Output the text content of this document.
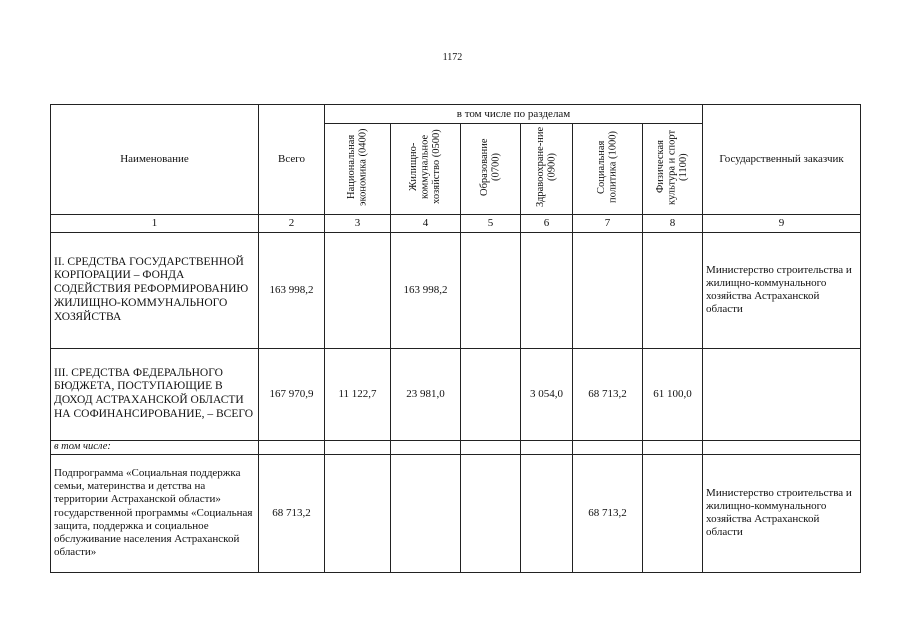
1172
Наименование	Всего	в том числе по разделам						Государственный заказчик
		Национальная экономика (0400)	Жилищно-коммунальное хозяйство (0500)	Образование (0700)	Здравоохране-ние (0900)	Социальная политика (1000)	Физическая культура и спорт (1100)	
1	2	3	4	5	6	7	8	9
II. СРЕДСТВА ГОСУДАРСТВЕННОЙ КОРПОРАЦИИ – ФОНДА СОДЕЙСТВИЯ РЕФОРМИРОВАНИЮ ЖИЛИЩНО-КОММУНАЛЬНОГО ХОЗЯЙСТВА	163 998,2		163 998,2					Министерство строительства и жилищно-коммунального хозяйства Астраханской области
III. СРЕДСТВА ФЕДЕРАЛЬНОГО БЮДЖЕТА, ПОСТУПАЮЩИЕ В ДОХОД АСТРАХАНСКОЙ ОБЛАСТИ НА СОФИНАНСИРОВАНИЕ, – ВСЕГО	167 970,9	11 122,7	23 981,0		3 054,0	68 713,2	61 100,0	
в том числе:								
Подпрограмма «Социальная поддержка семьи, материнства и детства на территории Астраханской области» государственной программы «Социальная защита, поддержка и социальное обслуживание населения Астраханской области»	68 713,2					68 713,2		Министерство строительства и жилищно-коммунального хозяйства Астраханской области
